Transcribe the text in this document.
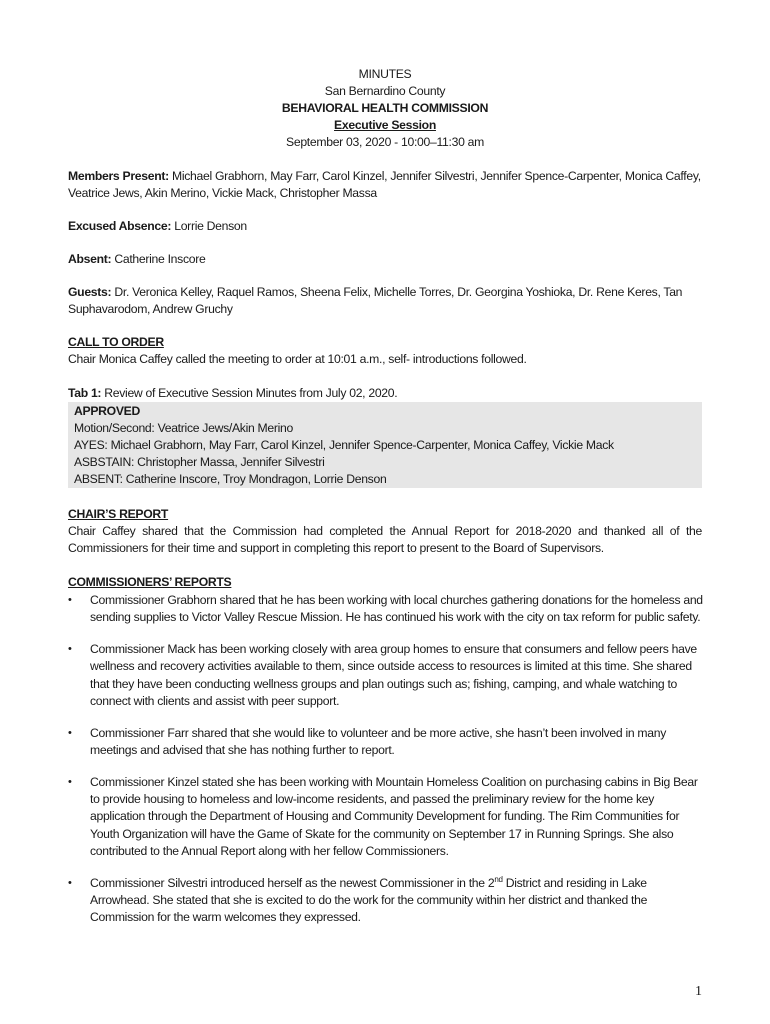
MINUTES
San Bernardino County
BEHAVIORAL HEALTH COMMISSION
Executive Session
September 03, 2020 - 10:00–11:30 am

Members Present: Michael Grabhorn, May Farr, Carol Kinzel, Jennifer Silvestri, Jennifer Spence-Carpenter, Monica Caffey, Veatrice Jews, Akin Merino, Vickie Mack, Christopher Massa

Excused Absence: Lorrie Denson

Absent: Catherine Inscore

Guests: Dr. Veronica Kelley, Raquel Ramos, Sheena Felix, Michelle Torres, Dr. Georgina Yoshioka, Dr. Rene Keres, Tan Suphavarodom, Andrew Gruchy

CALL TO ORDER

Chair Monica Caffey called the meeting to order at 10:01 a.m., self- introductions followed.

Tab 1: Review of Executive Session Minutes from July 02, 2020.

APPROVED
Motion/Second: Veatrice Jews/Akin Merino
AYES: Michael Grabhorn, May Farr, Carol Kinzel, Jennifer Spence-Carpenter, Monica Caffey, Vickie Mack
ASBSTAIN: Christopher Massa, Jennifer Silvestri
ABSENT: Catherine Inscore, Troy Mondragon, Lorrie Denson

CHAIR’S REPORT

Chair Caffey shared that the Commission had completed the Annual Report for 2018-2020 and thanked all of the Commissioners for their time and support in completing this report to present to the Board of Supervisors.

COMMISSIONERS’ REPORTS

• Commissioner Grabhorn shared that he has been working with local churches gathering donations for the homeless and sending supplies to Victor Valley Rescue Mission. He has continued his work with the city on tax reform for public safety.
• Commissioner Mack has been working closely with area group homes to ensure that consumers and fellow peers have wellness and recovery activities available to them, since outside access to resources is limited at this time. She shared that they have been conducting wellness groups and plan outings such as; fishing, camping, and whale watching to connect with clients and assist with peer support.
• Commissioner Farr shared that she would like to volunteer and be more active, she hasn’t been involved in many meetings and advised that she has nothing further to report.
• Commissioner Kinzel stated she has been working with Mountain Homeless Coalition on purchasing cabins in Big Bear to provide housing to homeless and low-income residents, and passed the preliminary review for the home key application through the Department of Housing and Community Development for funding. The Rim Communities for Youth Organization will have the Game of Skate for the community on September 17 in Running Springs. She also contributed to the Annual Report along with her fellow Commissioners.
• Commissioner Silvestri introduced herself as the newest Commissioner in the 2nd District and residing in Lake Arrowhead. She stated that she is excited to do the work for the community within her district and thanked the Commission for the warm welcomes they expressed.
1
